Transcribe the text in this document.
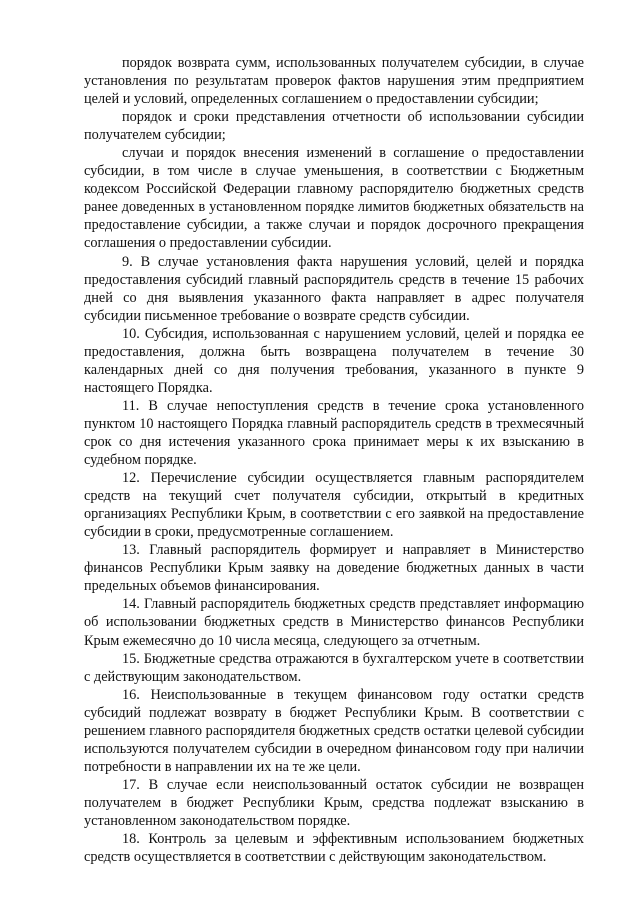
порядок возврата сумм, использованных получателем субсидии, в случае установления по результатам проверок фактов нарушения этим предприятием целей и условий, определенных соглашением о предоставлении субсидии;

порядок и сроки представления отчетности об использовании субсидии получателем субсидии;

случаи и порядок внесения изменений в соглашение о предоставлении субсидии, в том числе в случае уменьшения, в соответствии с Бюджетным кодексом Российской Федерации главному распорядителю бюджетных средств ранее доведенных в установленном порядке лимитов бюджетных обязательств на предоставление субсидии, а также случаи и порядок досрочного прекращения соглашения о предоставлении субсидии.

9. В случае установления факта нарушения условий, целей и порядка предоставления субсидий главный распорядитель средств в течение 15 рабочих дней со дня выявления указанного факта направляет в адрес получателя субсидии письменное требование о возврате средств субсидии.

10. Субсидия, использованная с нарушением условий, целей и порядка ее предоставления, должна быть возвращена получателем в течение 30 календарных дней со дня получения требования, указанного в пункте 9 настоящего Порядка.

11. В случае непоступления средств в течение срока установленного пунктом 10 настоящего Порядка главный распорядитель средств в трехмесячный срок со дня истечения указанного срока принимает меры к их взысканию в судебном порядке.

12. Перечисление субсидии осуществляется главным распорядителем средств на текущий счет получателя субсидии, открытый в кредитных организациях Республики Крым, в соответствии с его заявкой на предоставление субсидии в сроки, предусмотренные соглашением.

13. Главный распорядитель формирует и направляет в Министерство финансов Республики Крым заявку на доведение бюджетных данных в части предельных объемов финансирования.

14. Главный распорядитель бюджетных средств представляет информацию об использовании бюджетных средств в Министерство финансов Республики Крым ежемесячно до 10 числа месяца, следующего за отчетным.

15. Бюджетные средства отражаются в бухгалтерском учете в соответствии с действующим законодательством.

16. Неиспользованные в текущем финансовом году остатки средств субсидий подлежат возврату в бюджет Республики Крым. В соответствии с решением главного распорядителя бюджетных средств остатки целевой субсидии используются получателем субсидии в очередном финансовом году при наличии потребности в направлении их на те же цели.

17. В случае если неиспользованный остаток субсидии не возвращен получателем в бюджет Республики Крым, средства подлежат взысканию в установленном законодательством порядке.

18. Контроль за целевым и эффективным использованием бюджетных средств осуществляется в соответствии с действующим законодательством.
